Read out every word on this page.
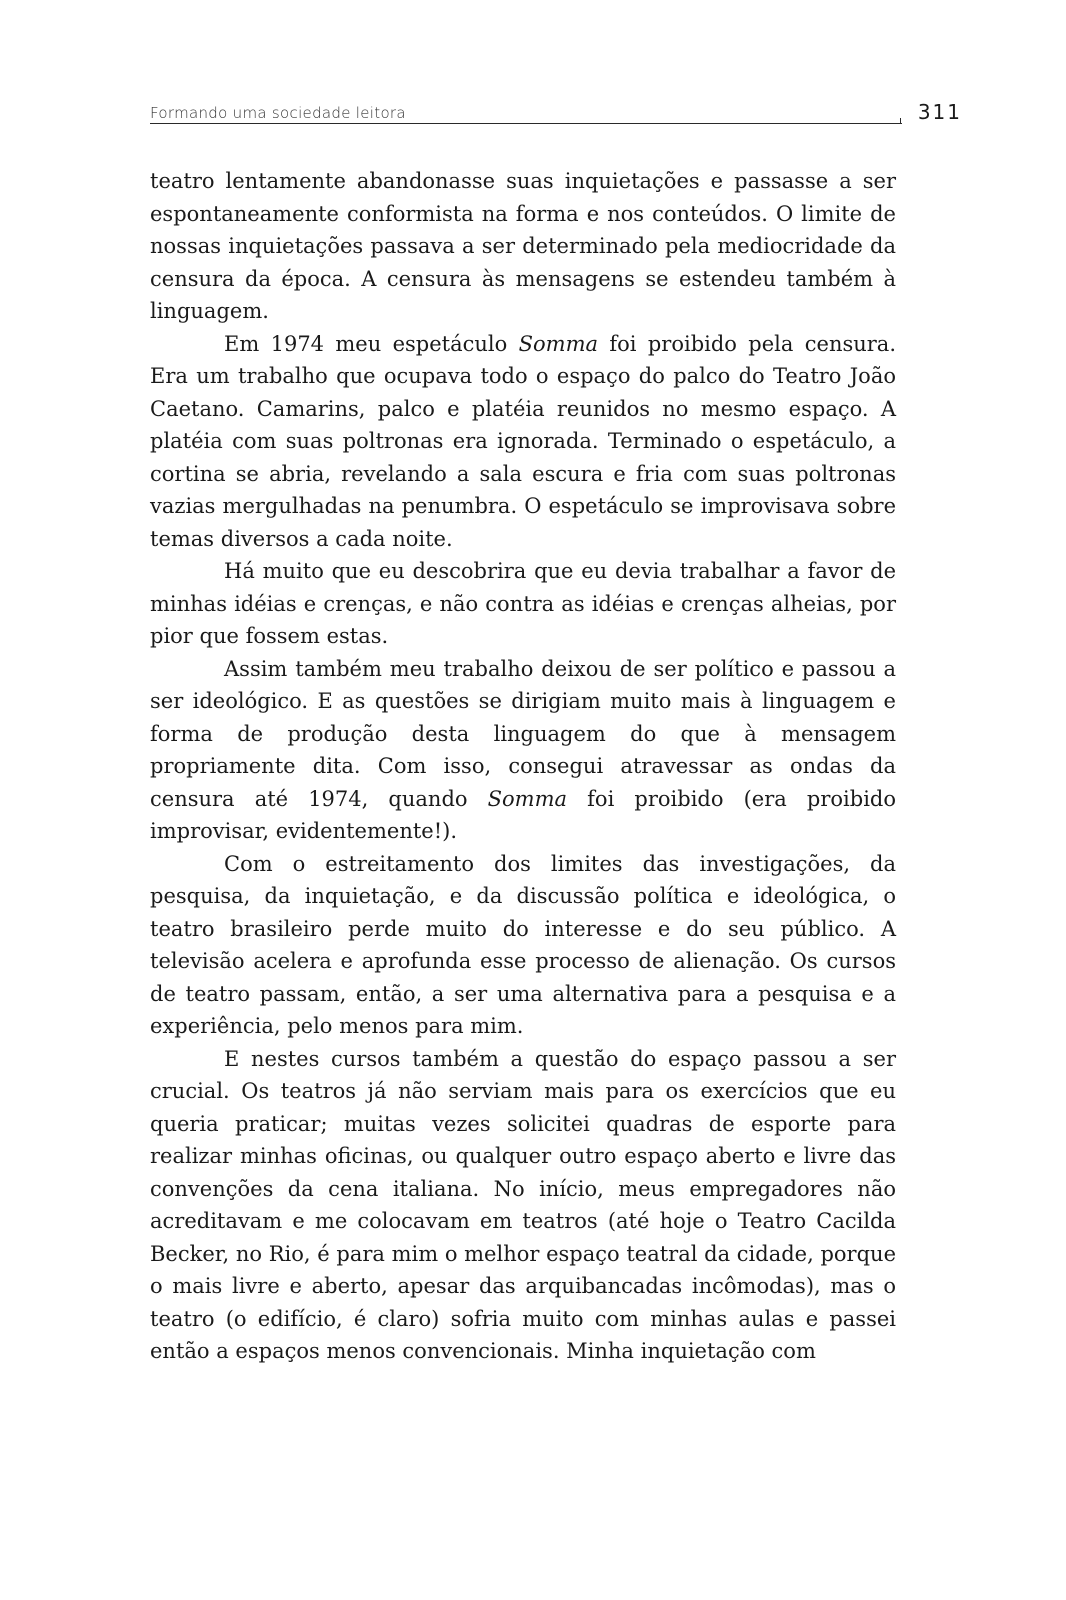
Formando uma sociedade leitora	311

teatro lentamente abandonasse suas inquietações e passasse a ser espontaneamente conformista na forma e nos conteúdos. O limite de nossas inquietações passava a ser determinado pela mediocridade da censura da época. A censura às mensagens se estendeu também à linguagem.

Em 1974 meu espetáculo Somma foi proibido pela censura. Era um trabalho que ocupava todo o espaço do palco do Teatro João Caetano. Camarins, palco e platéia reunidos no mesmo espaço. A platéia com suas poltronas era ignorada. Terminado o espetáculo, a cortina se abria, revelando a sala escura e fria com suas poltronas vazias mergulhadas na penumbra. O espetáculo se improvisava sobre temas diversos a cada noite.

Há muito que eu descobrira que eu devia trabalhar a favor de minhas idéias e crenças, e não contra as idéias e crenças alheias, por pior que fossem estas.

Assim também meu trabalho deixou de ser político e passou a ser ideológico. E as questões se dirigiam muito mais à linguagem e forma de produção desta linguagem do que à mensagem propriamente dita. Com isso, consegui atravessar as ondas da censura até 1974, quando Somma foi proibido (era proibido improvisar, evidentemente!).

Com o estreitamento dos limites das investigações, da pesquisa, da inquietação, e da discussão política e ideológica, o teatro brasileiro perde muito do interesse e do seu público. A televisão acelera e aprofunda esse processo de alienação. Os cursos de teatro passam, então, a ser uma alternativa para a pesquisa e a experiência, pelo menos para mim.

E nestes cursos também a questão do espaço passou a ser crucial. Os teatros já não serviam mais para os exercícios que eu queria praticar; muitas vezes solicitei quadras de esporte para realizar minhas oficinas, ou qualquer outro espaço aberto e livre das convenções da cena italiana. No início, meus empregadores não acreditavam e me colocavam em teatros (até hoje o Teatro Cacilda Becker, no Rio, é para mim o melhor espaço teatral da cidade, porque o mais livre e aberto, apesar das arquibancadas incômodas), mas o teatro (o edifício, é claro) sofria muito com minhas aulas e passei então a espaços menos convencionais. Minha inquietação com
